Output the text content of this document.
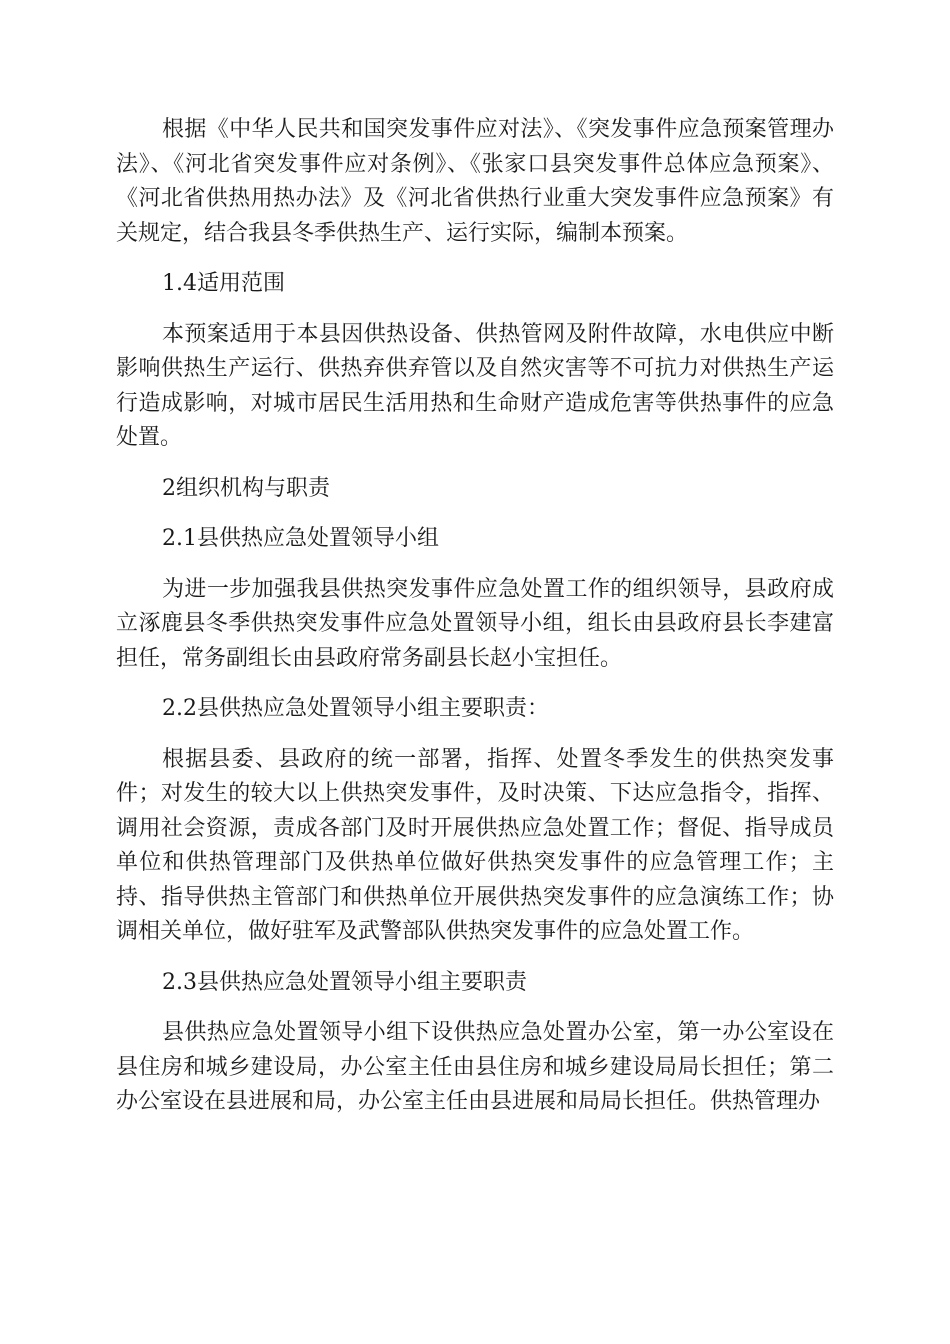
根据《中华人民共和国突发事件应对法》、《突发事件应急预案管理办法》、《河北省突发事件应对条例》、《张家口县突发事件总体应急预案》、《河北省供热用热办法》及《河北省供热行业重大突发事件应急预案》有关规定，结合我县冬季供热生产、运行实际，编制本预案。

1.4适用范围

本预案适用于本县因供热设备、供热管网及附件故障，水电供应中断影响供热生产运行、供热弃供弃管以及自然灾害等不可抗力对供热生产运行造成影响，对城市居民生活用热和生命财产造成危害等供热事件的应急处置。

2组织机构与职责

2.1县供热应急处置领导小组

为进一步加强我县供热突发事件应急处置工作的组织领导，县政府成立涿鹿县冬季供热突发事件应急处置领导小组，组长由县政府县长李建富担任，常务副组长由县政府常务副县长赵小宝担任。

2.2县供热应急处置领导小组主要职责：

根据县委、县政府的统一部署，指挥、处置冬季发生的供热突发事件；对发生的较大以上供热突发事件，及时决策、下达应急指令，指挥、调用社会资源，责成各部门及时开展供热应急处置工作；督促、指导成员单位和供热管理部门及供热单位做好供热突发事件的应急管理工作；主持、指导供热主管部门和供热单位开展供热突发事件的应急演练工作；协调相关单位，做好驻军及武警部队供热突发事件的应急处置工作。

2.3县供热应急处置领导小组主要职责

县供热应急处置领导小组下设供热应急处置办公室，第一办公室设在县住房和城乡建设局，办公室主任由县住房和城乡建设局局长担任；第二办公室设在县进展和局，办公室主任由县进展和局局长担任。供热管理办
